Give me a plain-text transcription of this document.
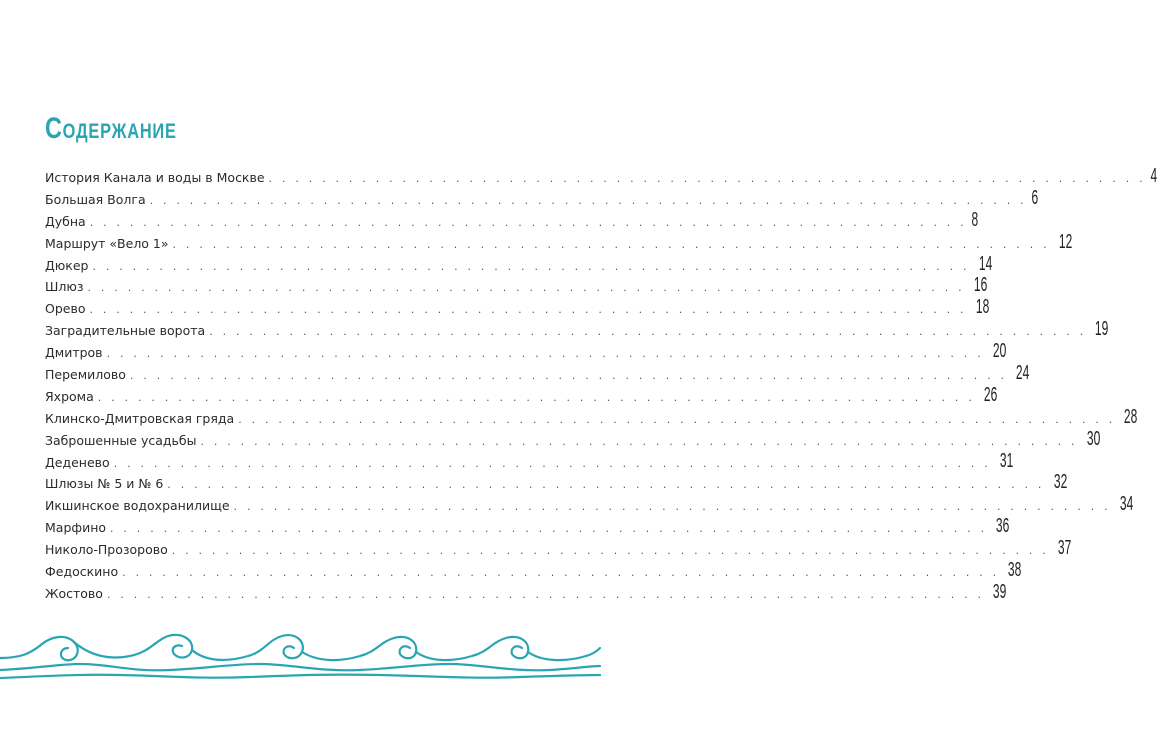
Содержание
История Канала и воды в Москве . . . . . . . . . . . . . . . . . . . . . . . . . . . . . . . . . . . . . . . . . . . . . . . . . . . . . . . . . . . . . . . . . . 4
Большая Волга . . . . . . . . . . . . . . . . . . . . . . . . . . . . . . . . . . . . . . . . . . . . . . . . . . . . . . . . . . . . . . . . . . 6
Дубна . . . . . . . . . . . . . . . . . . . . . . . . . . . . . . . . . . . . . . . . . . . . . . . . . . . . . . . . . . . . . . . . . . 8
Маршрут «Вело 1» . . . . . . . . . . . . . . . . . . . . . . . . . . . . . . . . . . . . . . . . . . . . . . . . . . . . . . . . . . . . . . . . . . 12
Дюкер . . . . . . . . . . . . . . . . . . . . . . . . . . . . . . . . . . . . . . . . . . . . . . . . . . . . . . . . . . . . . . . . . . 14
Шлюз . . . . . . . . . . . . . . . . . . . . . . . . . . . . . . . . . . . . . . . . . . . . . . . . . . . . . . . . . . . . . . . . . . 16
Орево . . . . . . . . . . . . . . . . . . . . . . . . . . . . . . . . . . . . . . . . . . . . . . . . . . . . . . . . . . . . . . . . . . 18
Заградительные ворота . . . . . . . . . . . . . . . . . . . . . . . . . . . . . . . . . . . . . . . . . . . . . . . . . . . . . . . . . . . . . . . . . . 19
Дмитров . . . . . . . . . . . . . . . . . . . . . . . . . . . . . . . . . . . . . . . . . . . . . . . . . . . . . . . . . . . . . . . . . . 20
Перемилово . . . . . . . . . . . . . . . . . . . . . . . . . . . . . . . . . . . . . . . . . . . . . . . . . . . . . . . . . . . . . . . . . . 24
Яхрома . . . . . . . . . . . . . . . . . . . . . . . . . . . . . . . . . . . . . . . . . . . . . . . . . . . . . . . . . . . . . . . . . . 26
Клинско-Дмитровская гряда . . . . . . . . . . . . . . . . . . . . . . . . . . . . . . . . . . . . . . . . . . . . . . . . . . . . . . . . . . . . . . . . . . 28
Заброшенные усадьбы . . . . . . . . . . . . . . . . . . . . . . . . . . . . . . . . . . . . . . . . . . . . . . . . . . . . . . . . . . . . . . . . . . 30
Деденево . . . . . . . . . . . . . . . . . . . . . . . . . . . . . . . . . . . . . . . . . . . . . . . . . . . . . . . . . . . . . . . . . . 31
Шлюзы № 5 и № 6 . . . . . . . . . . . . . . . . . . . . . . . . . . . . . . . . . . . . . . . . . . . . . . . . . . . . . . . . . . . . . . . . . . 32
Икшинское водохранилище . . . . . . . . . . . . . . . . . . . . . . . . . . . . . . . . . . . . . . . . . . . . . . . . . . . . . . . . . . . . . . . . . . 34
Марфино . . . . . . . . . . . . . . . . . . . . . . . . . . . . . . . . . . . . . . . . . . . . . . . . . . . . . . . . . . . . . . . . . . 36
Николо-Прозорово . . . . . . . . . . . . . . . . . . . . . . . . . . . . . . . . . . . . . . . . . . . . . . . . . . . . . . . . . . . . . . . . . . 37
Федоскино . . . . . . . . . . . . . . . . . . . . . . . . . . . . . . . . . . . . . . . . . . . . . . . . . . . . . . . . . . . . . . . . . . 38
Жостово . . . . . . . . . . . . . . . . . . . . . . . . . . . . . . . . . . . . . . . . . . . . . . . . . . . . . . . . . . . . . . . . . . 39
